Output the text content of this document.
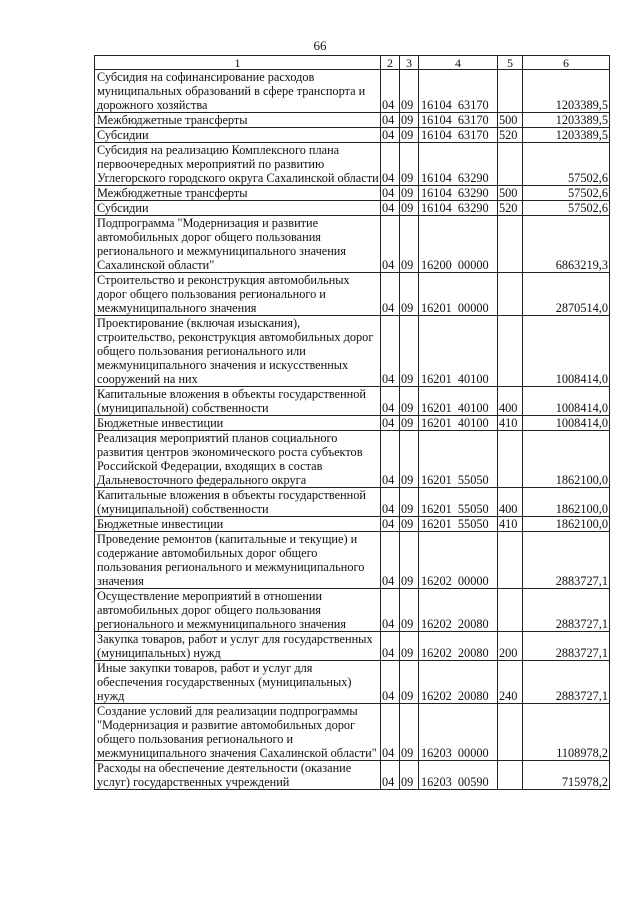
66
1	2	3	4	5	6
Субсидия на софинансирование расходов муниципальных образований в сфере транспорта и дорожного хозяйства	04	09	16104  63170		1203389,5
Межбюджетные трансферты	04	09	16104  63170	500	1203389,5
Субсидии	04	09	16104  63170	520	1203389,5
Субсидия на реализацию Комплексного плана первоочередных мероприятий по развитию Углегорского городского округа Сахалинской области	04	09	16104  63290		57502,6
Межбюджетные трансферты	04	09	16104  63290	500	57502,6
Субсидии	04	09	16104  63290	520	57502,6
Подпрограмма "Модернизация и развитие автомобильных дорог общего пользования регионального и межмуниципального значения Сахалинской области"	04	09	16200  00000		6863219,3
Строительство и реконструкция автомобильных дорог общего пользования регионального и межмуниципального значения	04	09	16201  00000		2870514,0
Проектирование (включая изыскания), строительство, реконструкция автомобильных дорог общего пользования регионального или межмуниципального значения и искусственных сооружений на них	04	09	16201  40100		1008414,0
Капитальные вложения в объекты государственной (муниципальной) собственности	04	09	16201  40100	400	1008414,0
Бюджетные инвестиции	04	09	16201  40100	410	1008414,0
Реализация мероприятий планов социального развития центров экономического роста субъектов Российской Федерации, входящих в состав Дальневосточного федерального округа	04	09	16201  55050		1862100,0
Капитальные вложения в объекты государственной (муниципальной) собственности	04	09	16201  55050	400	1862100,0
Бюджетные инвестиции	04	09	16201  55050	410	1862100,0
Проведение ремонтов (капитальные и текущие) и содержание автомобильных дорог общего пользования регионального и межмуниципального значения	04	09	16202  00000		2883727,1
Осуществление мероприятий в отношении автомобильных дорог общего пользования регионального и межмуниципального значения	04	09	16202  20080		2883727,1
Закупка товаров, работ и услуг для государственных (муниципальных) нужд	04	09	16202  20080	200	2883727,1
Иные закупки товаров, работ и услуг для обеспечения государственных (муниципальных) нужд	04	09	16202  20080	240	2883727,1
Создание условий для реализации подпрограммы "Модернизация и развитие автомобильных дорог общего пользования регионального и межмуниципального значения Сахалинской области"	04	09	16203  00000		1108978,2
Расходы на обеспечение деятельности (оказание услуг) государственных учреждений	04	09	16203  00590		715978,2
